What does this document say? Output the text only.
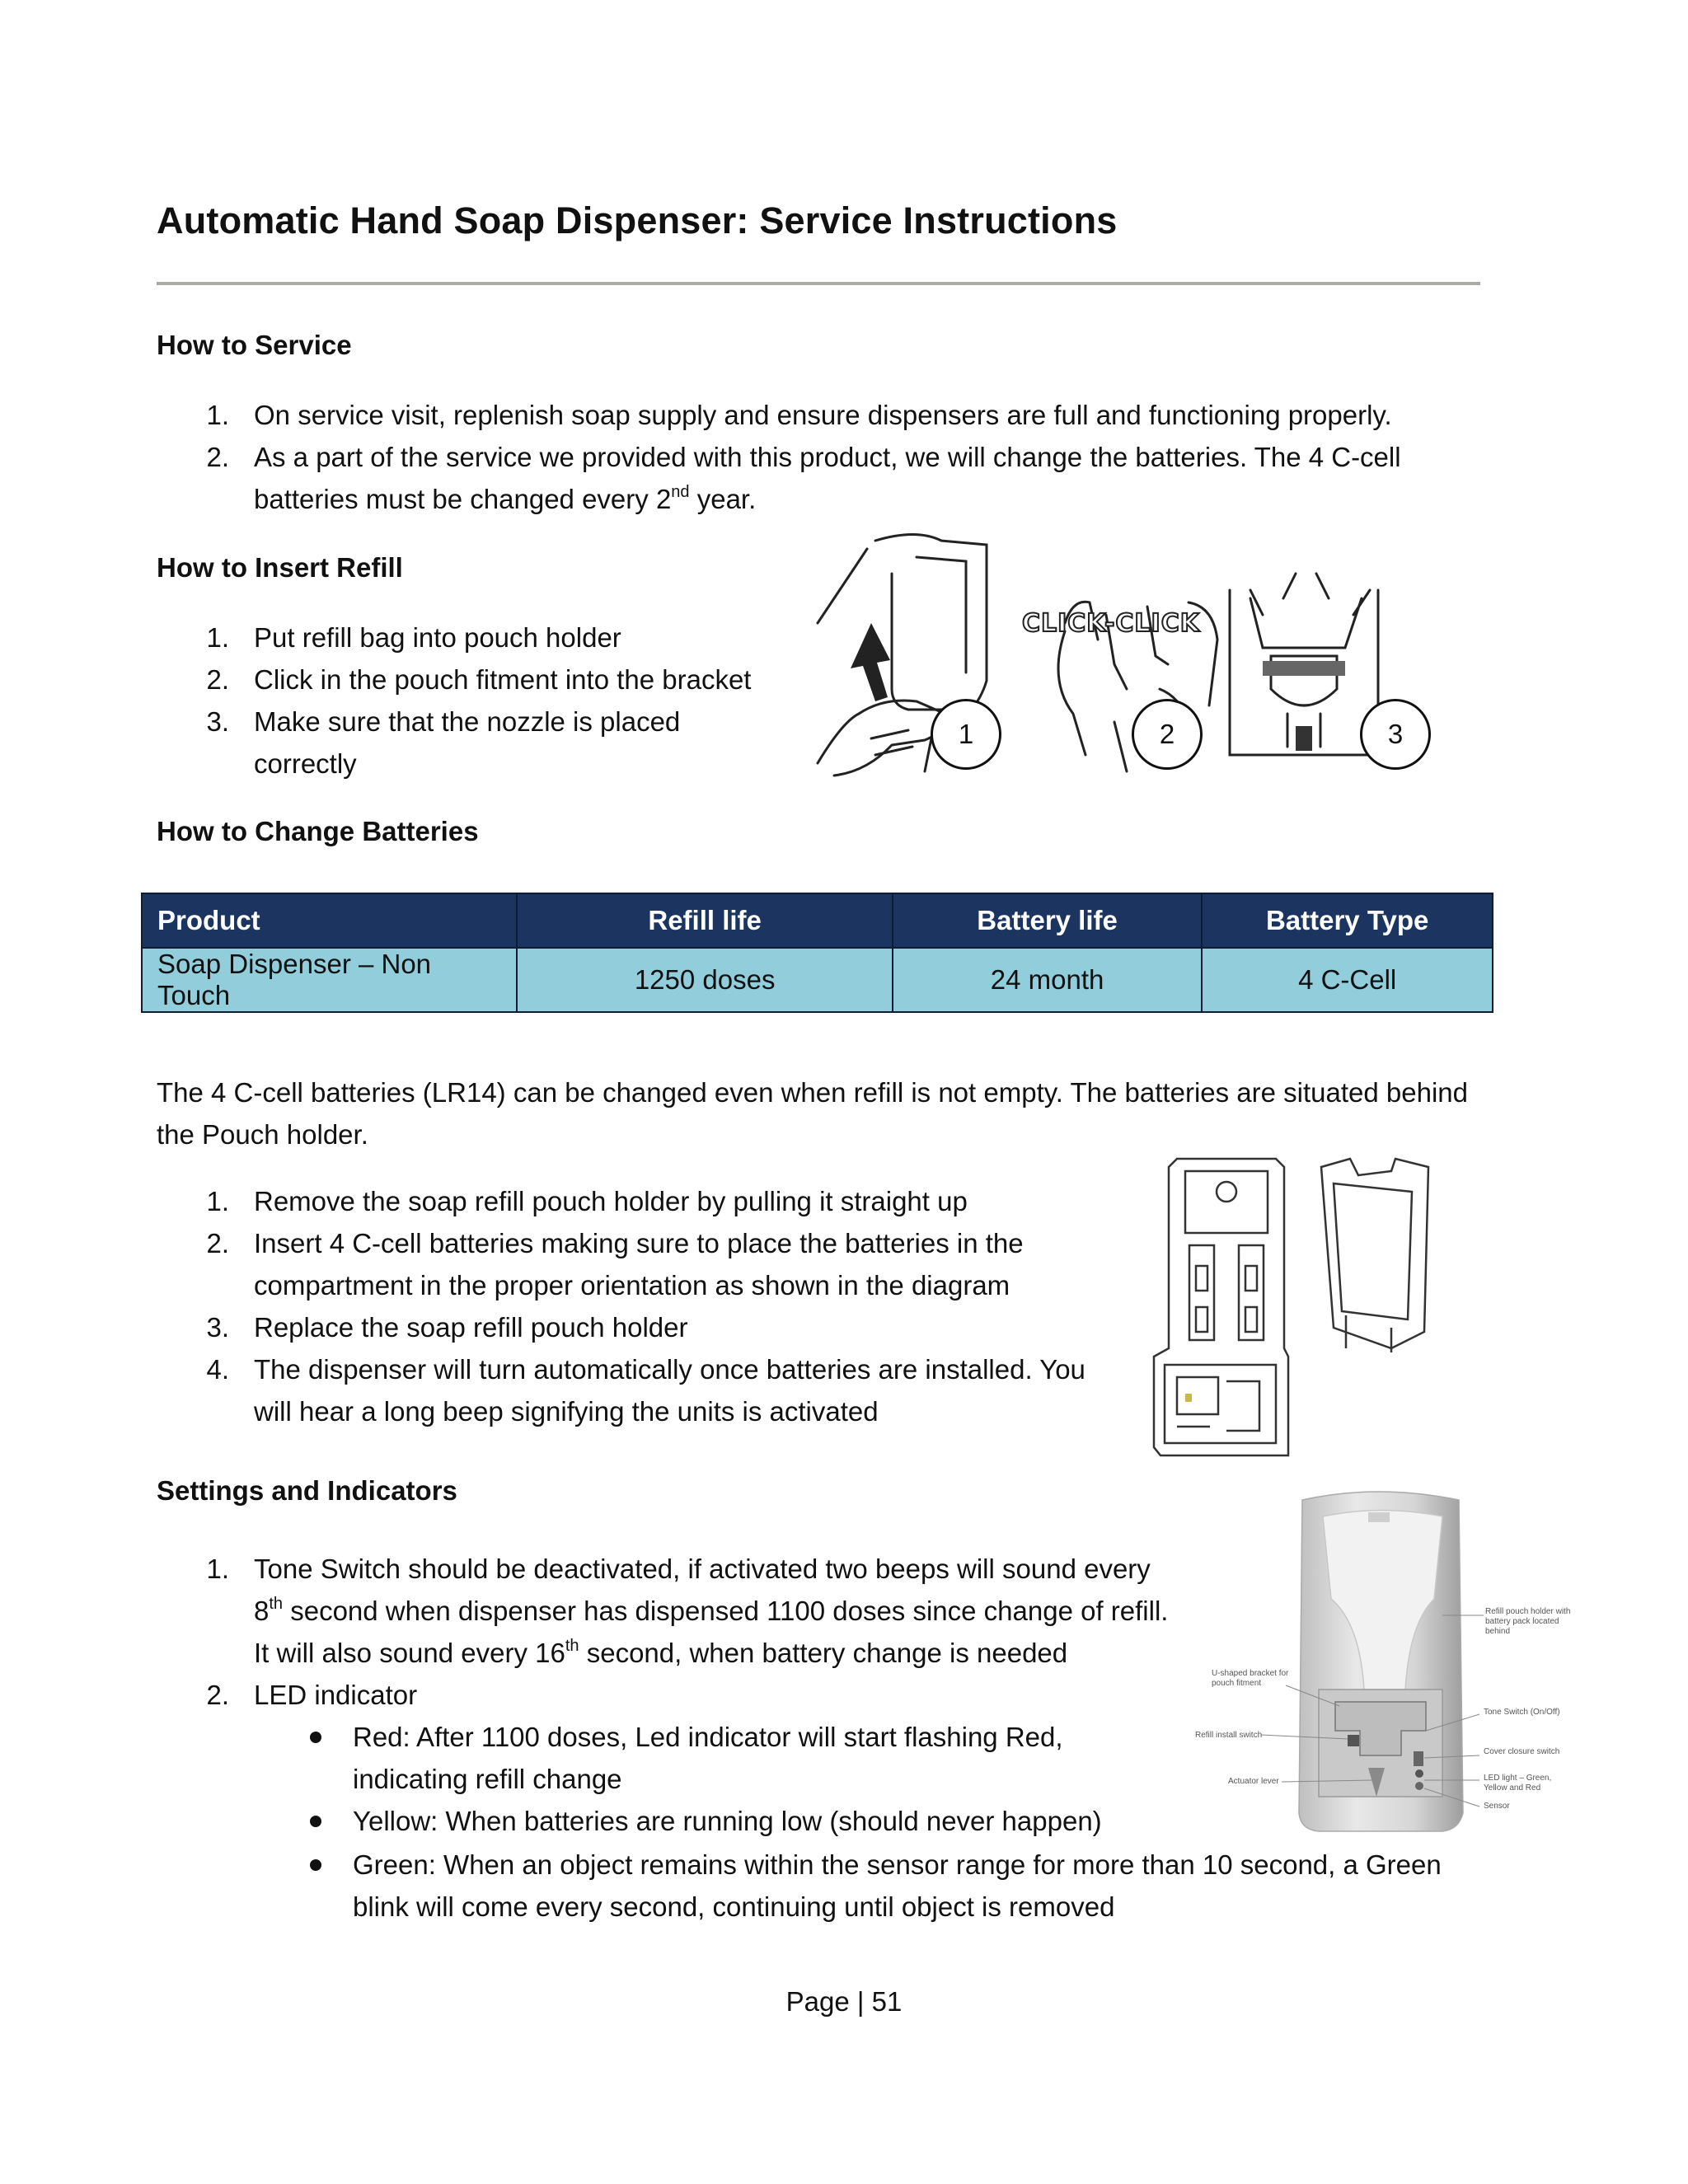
Automatic Hand Soap Dispenser: Service Instructions
How to Service
1. On service visit, replenish soap supply and ensure dispensers are full and functioning properly.
2. As a part of the service we provided with this product, we will change the batteries. The 4 C-cell
batteries must be changed every 2nd year.
How to Insert Refill
1. Put refill bag into pouch holder
2. Click in the pouch fitment into the bracket
3. Make sure that the nozzle is placed
correctly
CLICK-CLICK
1	2	3
How to Change Batteries
Product	Refill life	Battery life	Battery Type
Soap Dispenser – Non Touch	1250 doses	24 month	4 C-Cell
The 4 C-cell batteries (LR14) can be changed even when refill is not empty. The batteries are situated behind
the Pouch holder.
1. Remove the soap refill pouch holder by pulling it straight up
2. Insert 4 C-cell batteries making sure to place the batteries in the
compartment in the proper orientation as shown in the diagram
3. Replace the soap refill pouch holder
4. The dispenser will turn automatically once batteries are installed. You
will hear a long beep signifying the units is activated
Settings and Indicators
1. Tone Switch should be deactivated, if activated two beeps will sound every
8th second when dispenser has dispensed 1100 doses since change of refill.
It will also sound every 16th second, when battery change is needed
2. LED indicator
Red: After 1100 doses, Led indicator will start flashing Red,
indicating refill change
Yellow: When batteries are running low (should never happen)
Green: When an object remains within the sensor range for more than 10 second, a Green
blink will come every second, continuing until object is removed
Refill pouch holder with battery pack located behind
U-shaped bracket for pouch fitment
Refill install switch
Actuator lever
Tone Switch (On/Off)
Cover closure switch
LED light – Green, Yellow and Red
Sensor
Page | 51
